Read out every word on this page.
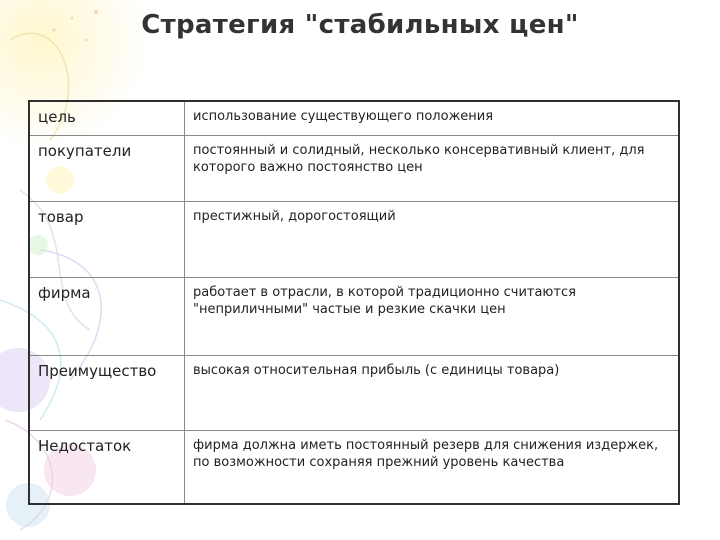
Стратегия "стабильных цен"
цель	использование существующего положения
покупатели	постоянный и солидный, несколько консервативный клиент, для которого важно постоянство цен
товар	престижный, дорогостоящий
фирма	работает в отрасли, в которой традиционно считаются "неприличными" частые и резкие скачки цен
Преимущество	высокая относительная прибыль (с единицы товара)
Недостаток	фирма должна иметь постоянный резерв для снижения издержек, по возможности сохраняя прежний уровень качества
